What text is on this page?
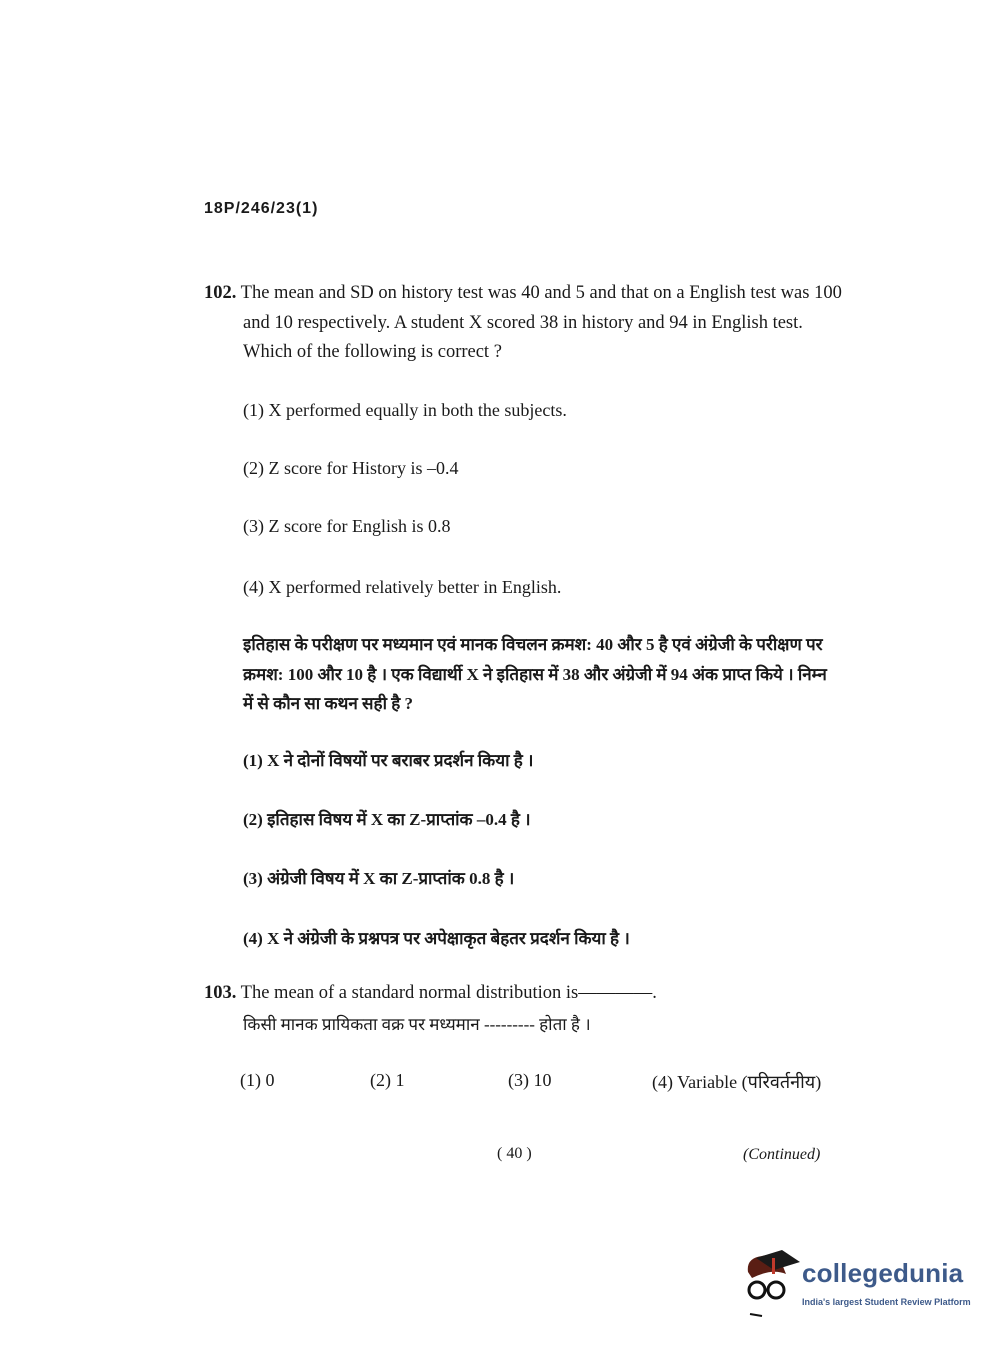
18P/246/23(1)
102. The mean and SD on history test was 40 and 5 and that on a English test was 100
and 10 respectively. A student X scored 38 in history and 94 in English test.
Which of the following is correct ?
(1) X performed equally in both the subjects.
(2) Z score for History is –0.4
(3) Z score for English is 0.8
(4) X performed relatively better in English.
इतिहास के परीक्षण पर मध्यमान एवं मानक विचलन क्रमश: 40 और 5 है एवं अंग्रेजी के परीक्षण पर
क्रमश: 100 और 10 है । एक विद्यार्थी X ने इतिहास में 38 और अंग्रेजी में 94 अंक प्राप्त किये । निम्न
में से कौन सा कथन सही है ?
(1) X ने दोनों विषयों पर बराबर प्रदर्शन किया है ।
(2) इतिहास विषय में X का Z-प्राप्तांक –0.4 है ।
(3) अंग्रेजी विषय में X का Z-प्राप्तांक 0.8 है ।
(4) X ने अंग्रेजी के प्रश्नपत्र पर अपेक्षाकृत बेहतर प्रदर्शन किया है ।
103. The mean of a standard normal distribution is————.
किसी मानक प्रायिकता वक्र पर मध्यमान --------- होता है ।
(1) 0	(2) 1	(3) 10	(4) Variable (परिवर्तनीय)
( 40 )	(Continued)
collegedunia
India's largest Student Review Platform
